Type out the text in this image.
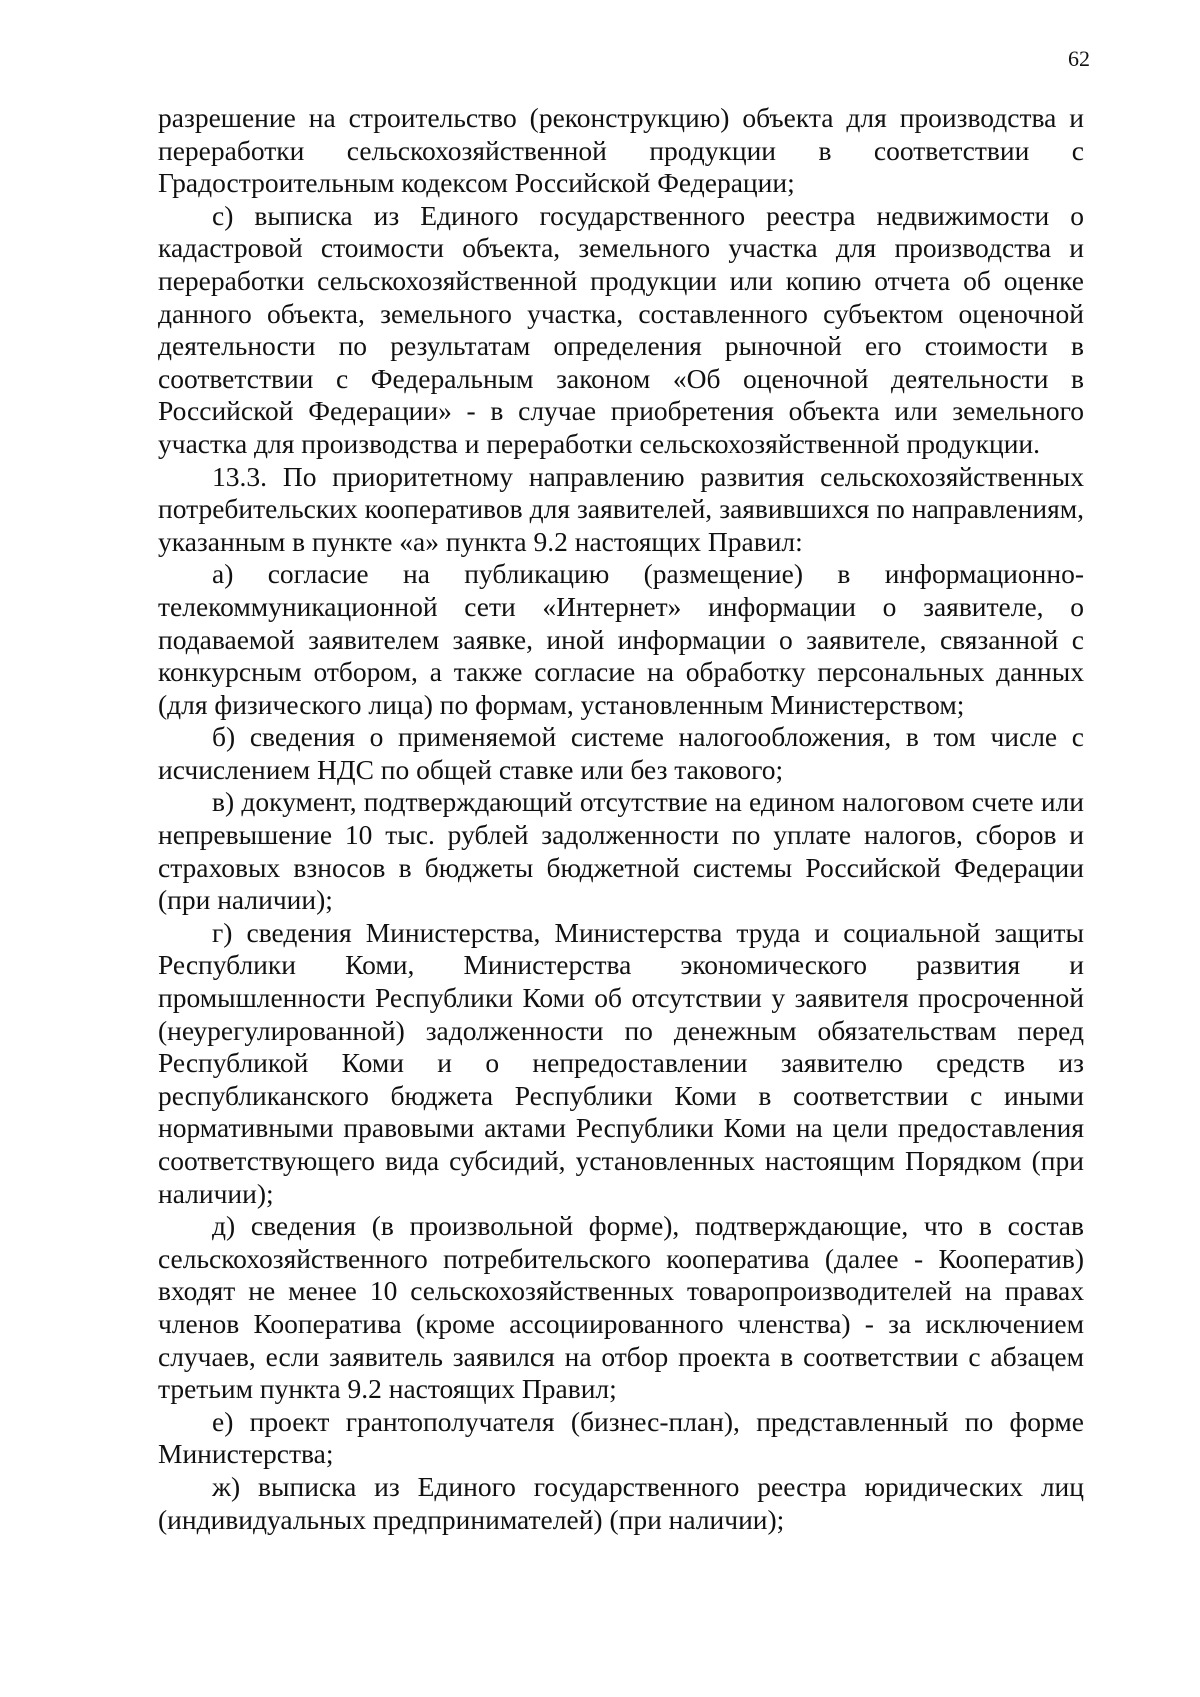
62

разрешение на строительство (реконструкцию) объекта для производства и переработки сельскохозяйственной продукции в соответствии с Градостроительным кодексом Российской Федерации;

с) выписка из Единого государственного реестра недвижимости о кадастровой стоимости объекта, земельного участка для производства и переработки сельскохозяйственной продукции или копию отчета об оценке данного объекта, земельного участка, составленного субъектом оценочной деятельности по результатам определения рыночной его стоимости в соответствии с Федеральным законом «Об оценочной деятельности в Российской Федерации» - в случае приобретения объекта или земельного участка для производства и переработки сельскохозяйственной продукции.

13.3. По приоритетному направлению развития сельскохозяйственных потребительских кооперативов для заявителей, заявившихся по направлениям, указанным в пункте «а» пункта 9.2 настоящих Правил:

а) согласие на публикацию (размещение) в информационно-телекоммуникационной сети «Интернет» информации о заявителе, о подаваемой заявителем заявке, иной информации о заявителе, связанной с конкурсным отбором, а также согласие на обработку персональных данных (для физического лица) по формам, установленным Министерством;

б) сведения о применяемой системе налогообложения, в том числе с исчислением НДС по общей ставке или без такового;

в) документ, подтверждающий отсутствие на едином налоговом счете или непревышение 10 тыс. рублей задолженности по уплате налогов, сборов и страховых взносов в бюджеты бюджетной системы Российской Федерации (при наличии);

г) сведения Министерства, Министерства труда и социальной защиты Республики Коми, Министерства экономического развития и промышленности Республики Коми об отсутствии у заявителя просроченной (неурегулированной) задолженности по денежным обязательствам перед Республикой Коми и о непредоставлении заявителю средств из республиканского бюджета Республики Коми в соответствии с иными нормативными правовыми актами Республики Коми на цели предоставления соответствующего вида субсидий, установленных настоящим Порядком (при наличии);

д) сведения (в произвольной форме), подтверждающие, что в состав сельскохозяйственного потребительского кооператива (далее - Кооператив) входят не менее 10 сельскохозяйственных товаропроизводителей на правах членов Кооператива (кроме ассоциированного членства) - за исключением случаев, если заявитель заявился на отбор проекта в соответствии с абзацем третьим пункта 9.2 настоящих Правил;

е) проект грантополучателя (бизнес-план), представленный по форме Министерства;

ж) выписка из Единого государственного реестра юридических лиц (индивидуальных предпринимателей) (при наличии);
